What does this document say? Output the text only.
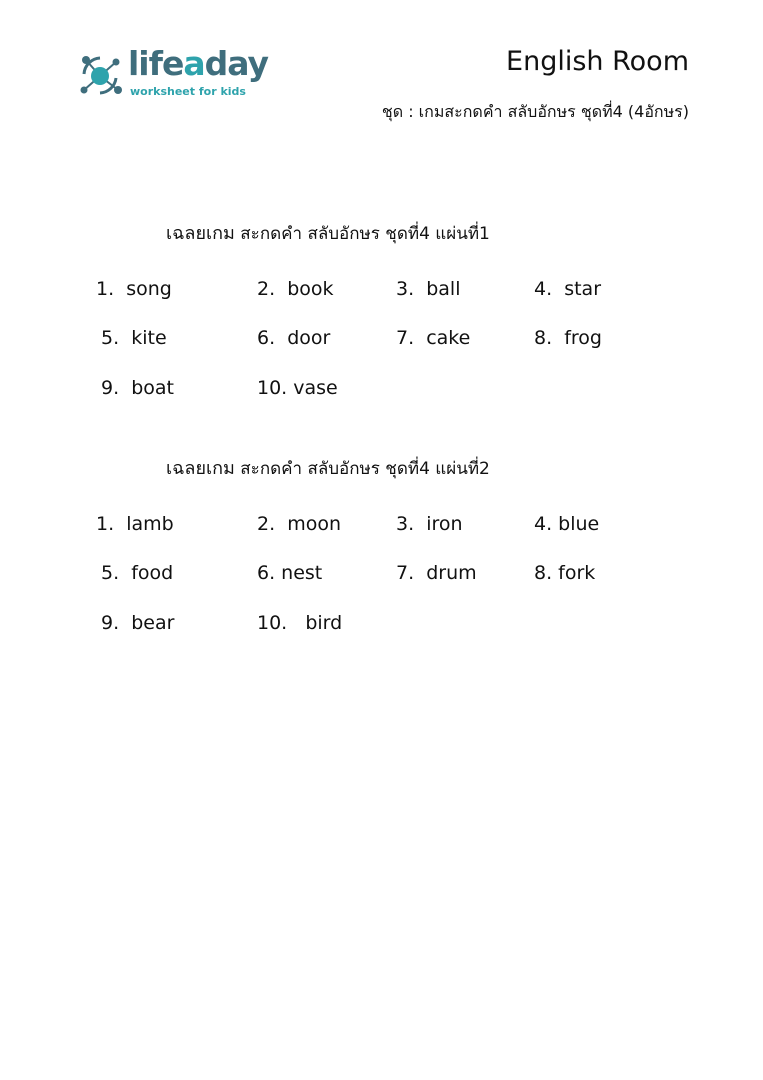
lifeaday
worksheet for kids
English Room
ชุด : เกมสะกดคำ สลับอักษร ชุดที่4 (4อักษร)
เฉลยเกม สะกดคำ สลับอักษร ชุดที่4 แผ่นที่1
1.  song	2.  book	3.  ball	4.  star
5.  kite	6.  door	7.  cake	8.  frog
9.  boat	10. vase
เฉลยเกม สะกดคำ สลับอักษร ชุดที่4 แผ่นที่2
1.  lamb	2.  moon	3.  iron	4. blue
5.  food	6. nest	7.  drum	8. fork
9.  bear	10.   bird
